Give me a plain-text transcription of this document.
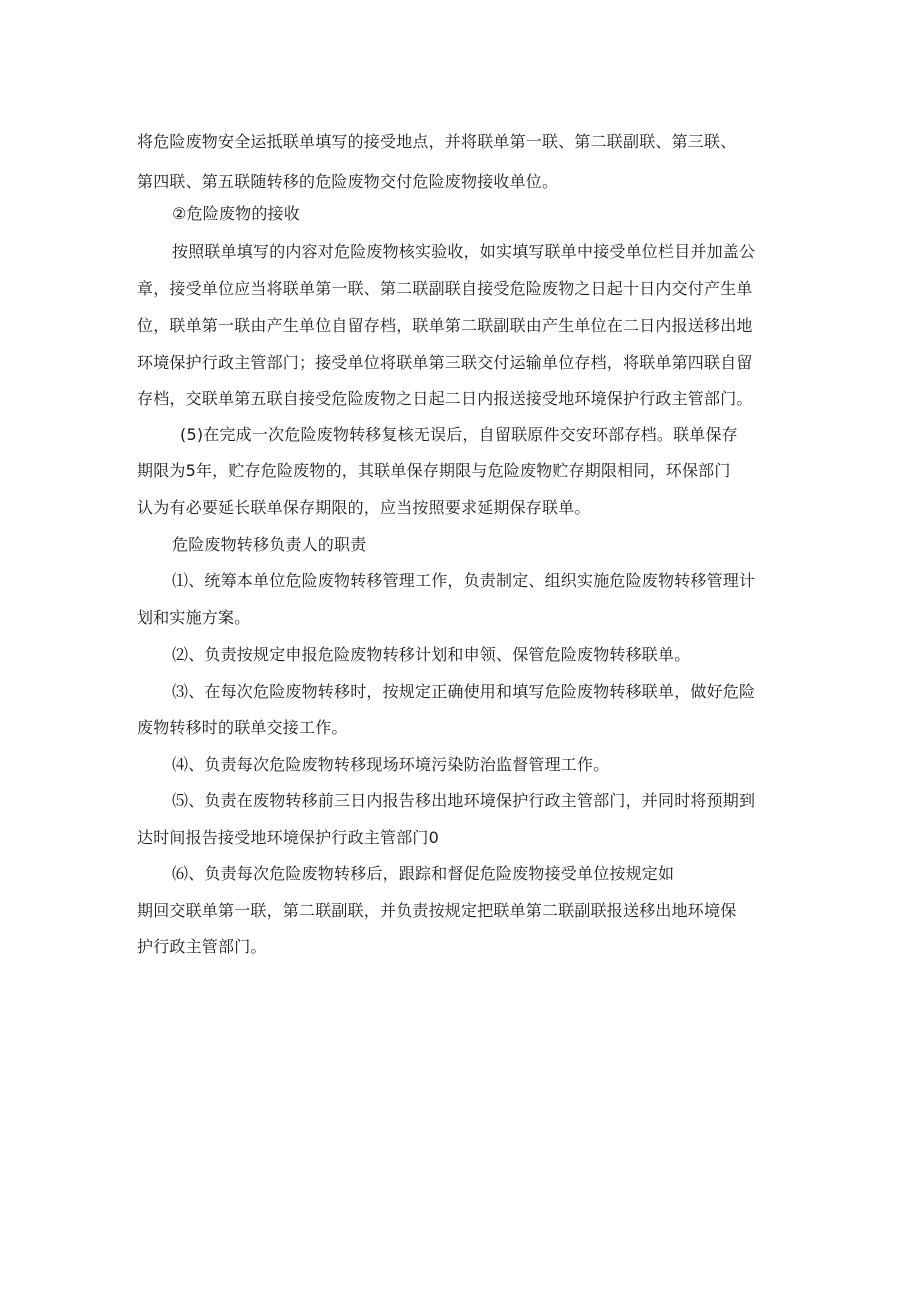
将危险废物安全运抵联单填写的接受地点，并将联单第一联、第二联副联、第三联、
第四联、第五联随转移的危险废物交付危险废物接收单位。
②危险废物的接收
按照联单填写的内容对危险废物核实验收，如实填写联单中接受单位栏目并加盖公
章，接受单位应当将联单第一联、第二联副联自接受危险废物之日起十日内交付产生单
位，联单第一联由产生单位自留存档，联单第二联副联由产生单位在二日内报送移出地
环境保护行政主管部门；接受单位将联单第三联交付运输单位存档，将联单第四联自留
存档，交联单第五联自接受危险废物之日起二日内报送接受地环境保护行政主管部门。
(5)在完成一次危险废物转移复核无误后，自留联原件交安环部存档。联单保存
期限为5年，贮存危险废物的，其联单保存期限与危险废物贮存期限相同，环保部门
认为有必要延长联单保存期限的，应当按照要求延期保存联单。
危险废物转移负责人的职责
⑴、统筹本单位危险废物转移管理工作，负责制定、组织实施危险废物转移管理计
划和实施方案。
⑵、负责按规定申报危险废物转移计划和申领、保管危险废物转移联单。
⑶、在每次危险废物转移时，按规定正确使用和填写危险废物转移联单，做好危险
废物转移时的联单交接工作。
⑷、负责每次危险废物转移现场环境污染防治监督管理工作。
⑸、负责在废物转移前三日内报告移出地环境保护行政主管部门，并同时将预期到
达时间报告接受地环境保护行政主管部门0
⑹、负责每次危险废物转移后，跟踪和督促危险废物接受单位按规定如
期回交联单第一联，第二联副联，并负责按规定把联单第二联副联报送移出地环境保
护行政主管部门。
